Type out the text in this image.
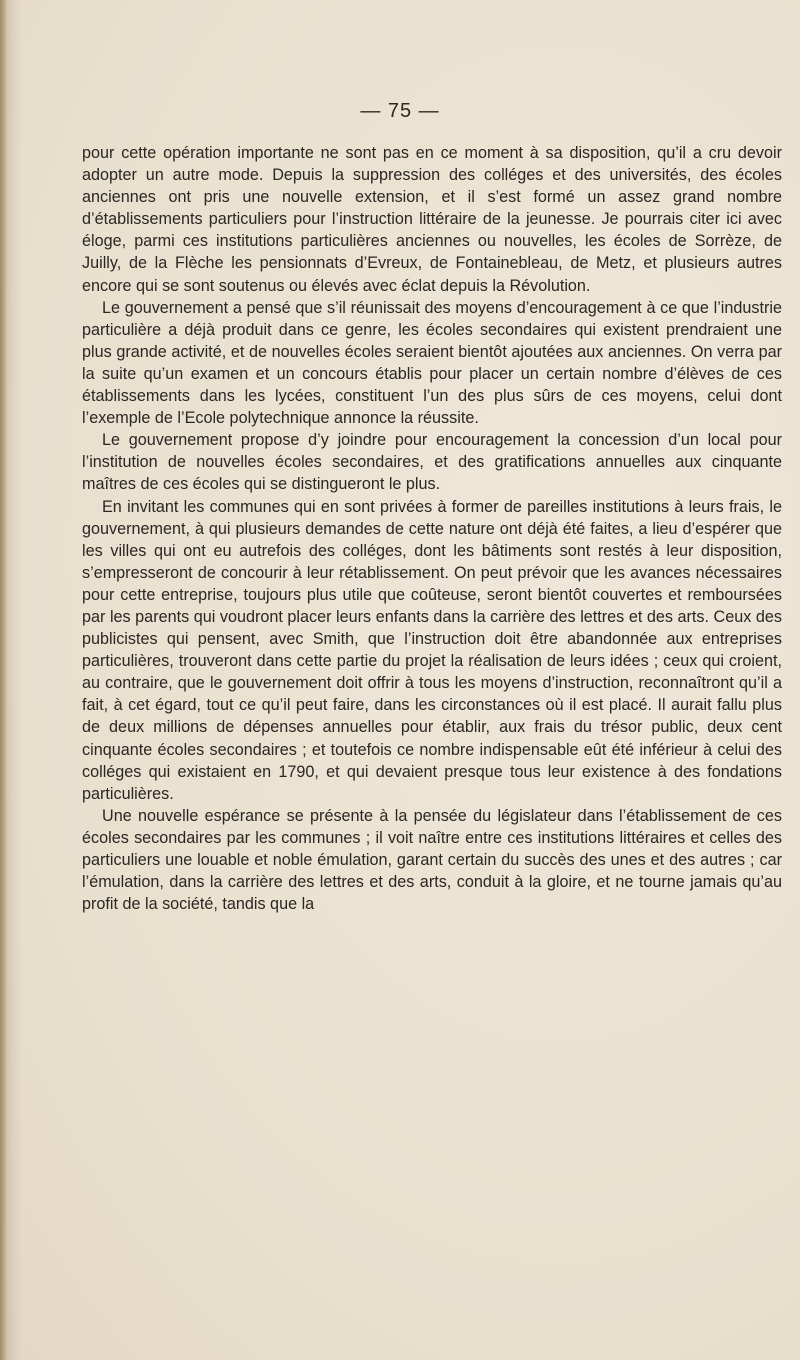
— 75 —

pour cette opération importante ne sont pas en ce moment à sa disposition, qu’il a cru devoir adopter un autre mode. Depuis la suppression des colléges et des universités, des écoles anciennes ont pris une nouvelle extension, et il s’est formé un assez grand nombre d’établissements particuliers pour l’instruction littéraire de la jeunesse. Je pourrais citer ici avec éloge, parmi ces institutions particulières anciennes ou nouvelles, les écoles de Sorrèze, de Juilly, de la Flèche les pensionnats d’Evreux, de Fontainebleau, de Metz, et plusieurs autres encore qui se sont soutenus ou élevés avec éclat depuis la Révolution.

Le gouvernement a pensé que s’il réunissait des moyens d’encouragement à ce que l’industrie particulière a déjà produit dans ce genre, les écoles secondaires qui existent prendraient une plus grande activité, et de nouvelles écoles seraient bientôt ajoutées aux anciennes. On verra par la suite qu’un examen et un concours établis pour placer un certain nombre d’élèves de ces établissements dans les lycées, constituent l’un des plus sûrs de ces moyens, celui dont l’exemple de l’Ecole polytechnique annonce la réussite.

Le gouvernement propose d’y joindre pour encouragement la concession d’un local pour l’institution de nouvelles écoles secondaires, et des gratifications annuelles aux cinquante maîtres de ces écoles qui se distingueront le plus.

En invitant les communes qui en sont privées à former de pareilles institutions à leurs frais, le gouvernement, à qui plusieurs demandes de cette nature ont déjà été faites, a lieu d’espérer que les villes qui ont eu autrefois des colléges, dont les bâtiments sont restés à leur disposition, s’empresseront de concourir à leur rétablissement. On peut prévoir que les avances nécessaires pour cette entreprise, toujours plus utile que coûteuse, seront bientôt couvertes et remboursées par les parents qui voudront placer leurs enfants dans la carrière des lettres et des arts. Ceux des publicistes qui pensent, avec Smith, que l’instruction doit être abandonnée aux entreprises particulières, trouveront dans cette partie du projet la réalisation de leurs idées ; ceux qui croient, au contraire, que le gouvernement doit offrir à tous les moyens d’instruction, reconnaîtront qu’il a fait, à cet égard, tout ce qu’il peut faire, dans les circonstances où il est placé. Il aurait fallu plus de deux millions de dépenses annuelles pour établir, aux frais du trésor public, deux cent cinquante écoles secondaires ; et toutefois ce nombre indispensable eût été inférieur à celui des colléges qui existaient en 1790, et qui devaient presque tous leur existence à des fondations particulières.

Une nouvelle espérance se présente à la pensée du législateur dans l’établissement de ces écoles secondaires par les communes ; il voit naître entre ces institutions littéraires et celles des particuliers une louable et noble émulation, garant certain du succès des unes et des autres ; car l’émulation, dans la carrière des lettres et des arts, conduit à la gloire, et ne tourne jamais qu’au profit de la société, tandis que la
